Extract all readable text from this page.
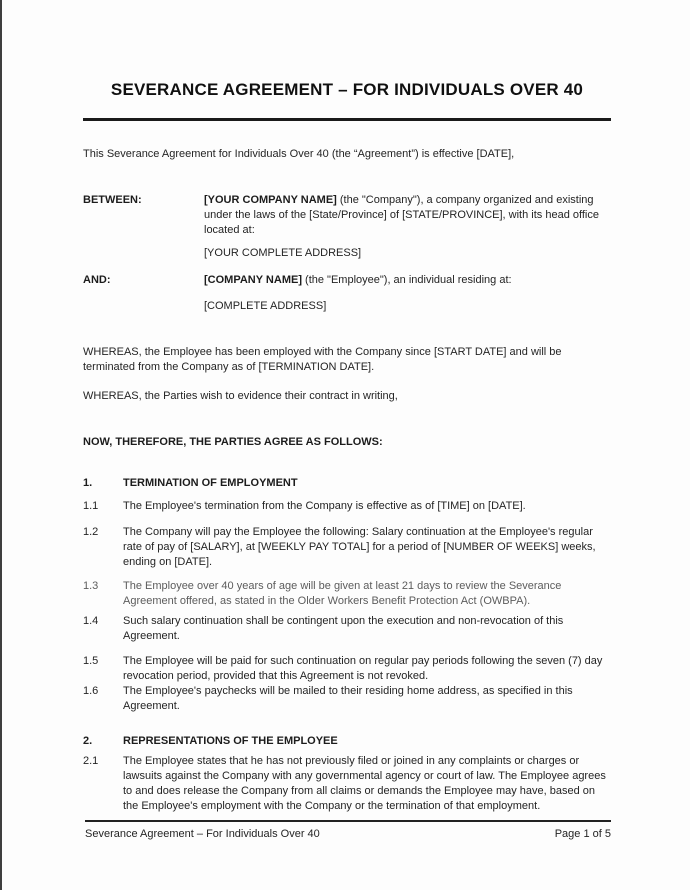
SEVERANCE AGREEMENT – FOR INDIVIDUALS OVER 40

This Severance Agreement for Individuals Over 40 (the “Agreement”) is effective [DATE],

BETWEEN:	[YOUR COMPANY NAME] (the "Company"), a company organized and existing under the laws of the [State/Province] of [STATE/PROVINCE], with its head office located at:
[YOUR COMPLETE ADDRESS]
AND:	[COMPANY NAME] (the "Employee"), an individual residing at:
[COMPLETE ADDRESS]

WHEREAS, the Employee has been employed with the Company since [START DATE] and will be terminated from the Company as of [TERMINATION DATE].

WHEREAS, the Parties wish to evidence their contract in writing,

NOW, THEREFORE, THE PARTIES AGREE AS FOLLOWS:

1.	TERMINATION OF EMPLOYMENT
1.1	The Employee's termination from the Company is effective as of [TIME] on [DATE].
1.2	The Company will pay the Employee the following: Salary continuation at the Employee's regular rate of pay of [SALARY], at [WEEKLY PAY TOTAL] for a period of [NUMBER OF WEEKS] weeks, ending on [DATE].
1.3	The Employee over 40 years of age will be given at least 21 days to review the Severance Agreement offered, as stated in the Older Workers Benefit Protection Act (OWBPA).
1.4	Such salary continuation shall be contingent upon the execution and non-revocation of this Agreement.
1.5	The Employee will be paid for such continuation on regular pay periods following the seven (7) day revocation period, provided that this Agreement is not revoked.
1.6	The Employee's paychecks will be mailed to their residing home address, as specified in this Agreement.
2.	REPRESENTATIONS OF THE EMPLOYEE
2.1	The Employee states that he has not previously filed or joined in any complaints or charges or lawsuits against the Company with any governmental agency or court of law. The Employee agrees to and does release the Company from all claims or demands the Employee may have, based on the Employee's employment with the Company or the termination of that employment.
Severance Agreement – For Individuals Over 40	Page 1 of 5
